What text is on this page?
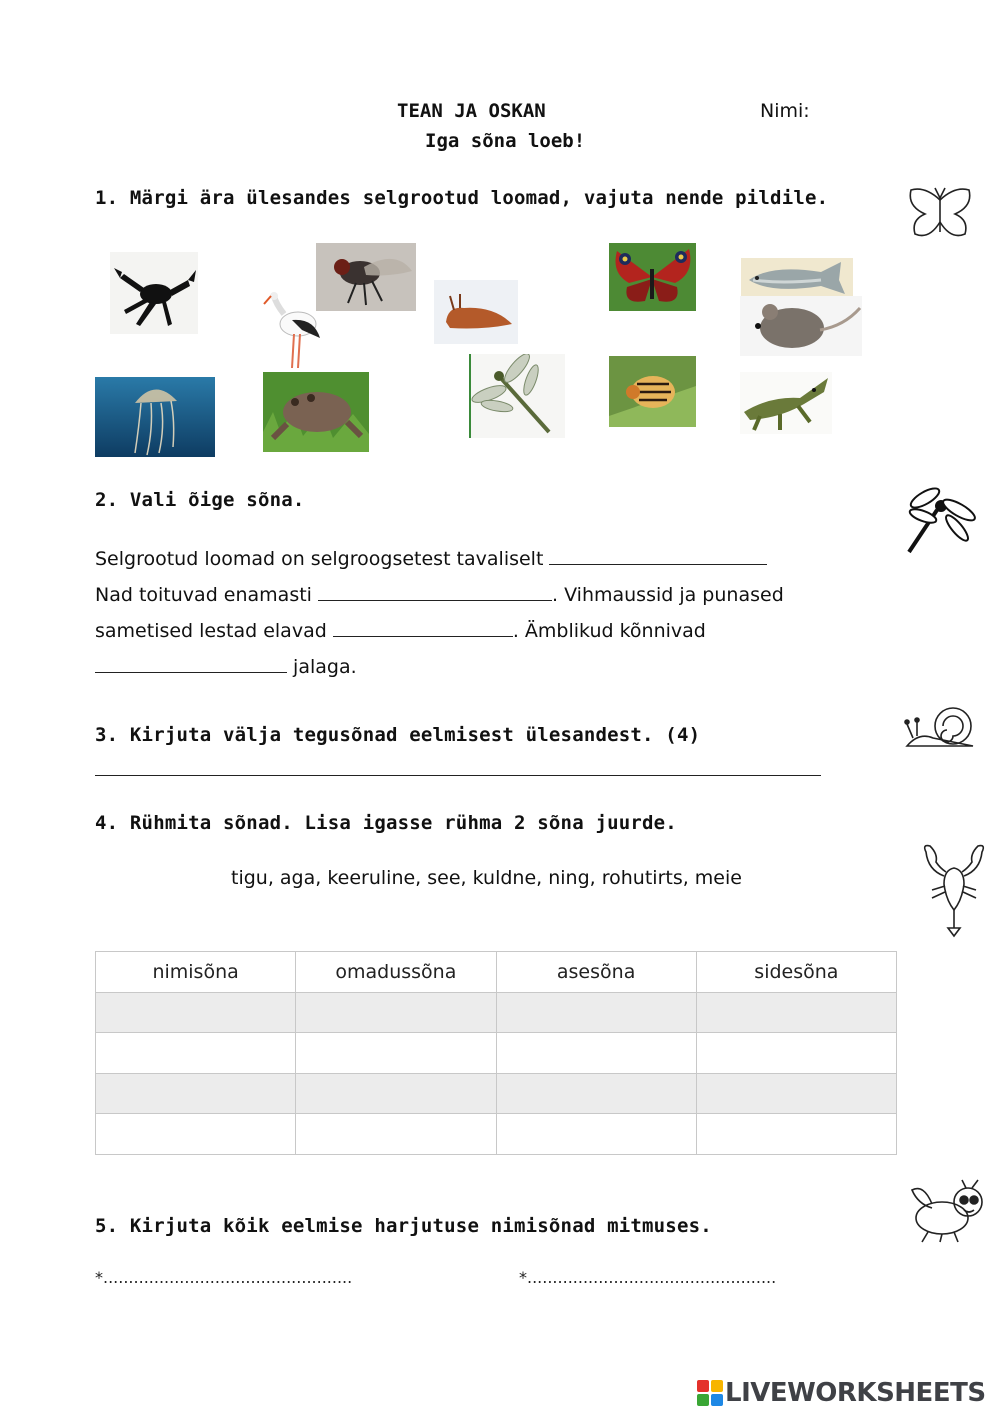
TEAN JA OSKAN	Nimi:
Iga sõna loeb!
1. Märgi ära ülesandes selgrootud loomad, vajuta nende pildile.
2. Vali õige sõna.
Selgrootud loomad on selgroogsetest tavaliselt
Nad toituvad enamasti	. Vihmaussid ja punased
sametised lestad elavad	. Ämblikud kõnnivad
jalaga.
3. Kirjuta välja tegusõnad eelmisest ülesandest. (4)
4. Rühmita sõnad. Lisa igasse rühma 2 sõna juurde.
tigu, aga, keeruline, see, kuldne, ning, rohutirts, meie
nimisõna	omadussõna	asesõna	sidesõna

5. Kirjuta kõik eelmise harjutuse nimisõnad mitmuses.
*.................................................	*.................................................
LIVEWORKSHEETS
